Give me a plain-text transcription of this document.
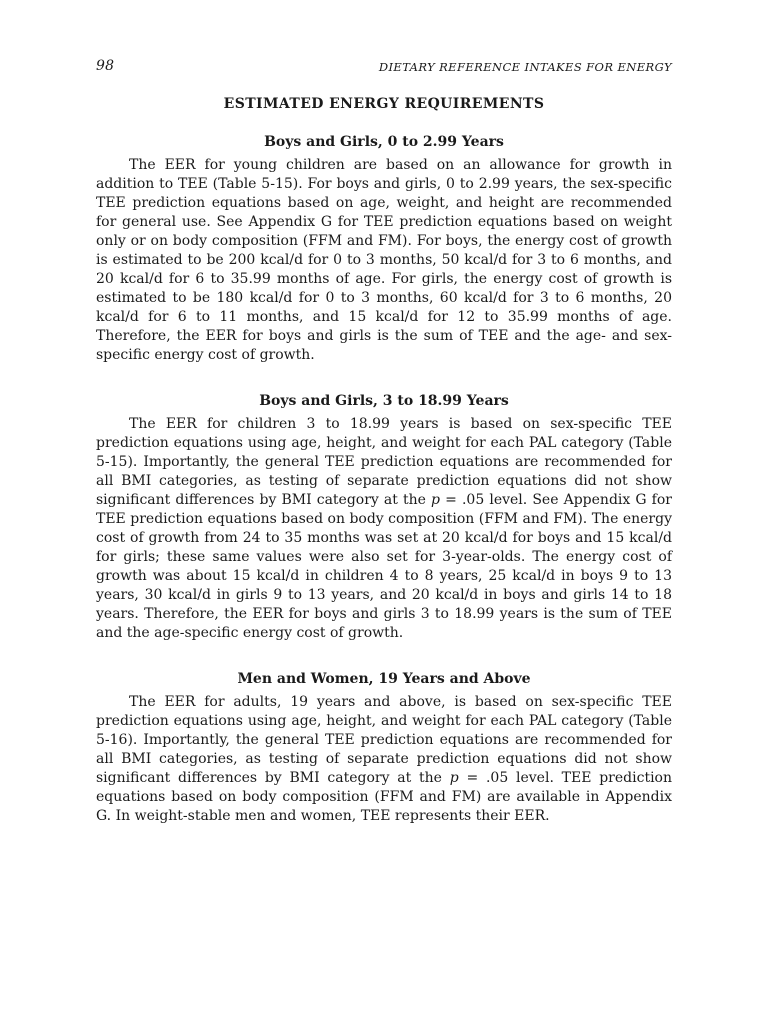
98	DIETARY REFERENCE INTAKES FOR ENERGY
ESTIMATED ENERGY REQUIREMENTS
Boys and Girls, 0 to 2.99 Years

The EER for young children are based on an allowance for growth in addition to TEE (Table 5-15). For boys and girls, 0 to 2.99 years, the sex-specific TEE prediction equations based on age, weight, and height are recommended for general use. See Appendix G for TEE prediction equations based on weight only or on body composition (FFM and FM). For boys, the energy cost of growth is estimated to be 200 kcal/d for 0 to 3 months, 50 kcal/d for 3 to 6 months, and 20 kcal/d for 6 to 35.99 months of age. For girls, the energy cost of growth is estimated to be 180 kcal/d for 0 to 3 months, 60 kcal/d for 3 to 6 months, 20 kcal/d for 6 to 11 months, and 15 kcal/d for 12 to 35.99 months of age. Therefore, the EER for boys and girls is the sum of TEE and the age- and sex-specific energy cost of growth.

Boys and Girls, 3 to 18.99 Years

The EER for children 3 to 18.99 years is based on sex-specific TEE prediction equations using age, height, and weight for each PAL category (Table 5-15). Importantly, the general TEE prediction equations are recommended for all BMI categories, as testing of separate prediction equations did not show significant differences by BMI category at the p = .05 level. See Appendix G for TEE prediction equations based on body composition (FFM and FM). The energy cost of growth from 24 to 35 months was set at 20 kcal/d for boys and 15 kcal/d for girls; these same values were also set for 3-year-olds. The energy cost of growth was about 15 kcal/d in children 4 to 8 years, 25 kcal/d in boys 9 to 13 years, 30 kcal/d in girls 9 to 13 years, and 20 kcal/d in boys and girls 14 to 18 years. Therefore, the EER for boys and girls 3 to 18.99 years is the sum of TEE and the age-specific energy cost of growth.

Men and Women, 19 Years and Above

The EER for adults, 19 years and above, is based on sex-specific TEE prediction equations using age, height, and weight for each PAL category (Table 5-16). Importantly, the general TEE prediction equations are recommended for all BMI categories, as testing of separate prediction equations did not show significant differences by BMI category at the p = .05 level. TEE prediction equations based on body composition (FFM and FM) are available in Appendix G. In weight-stable men and women, TEE represents their EER.
